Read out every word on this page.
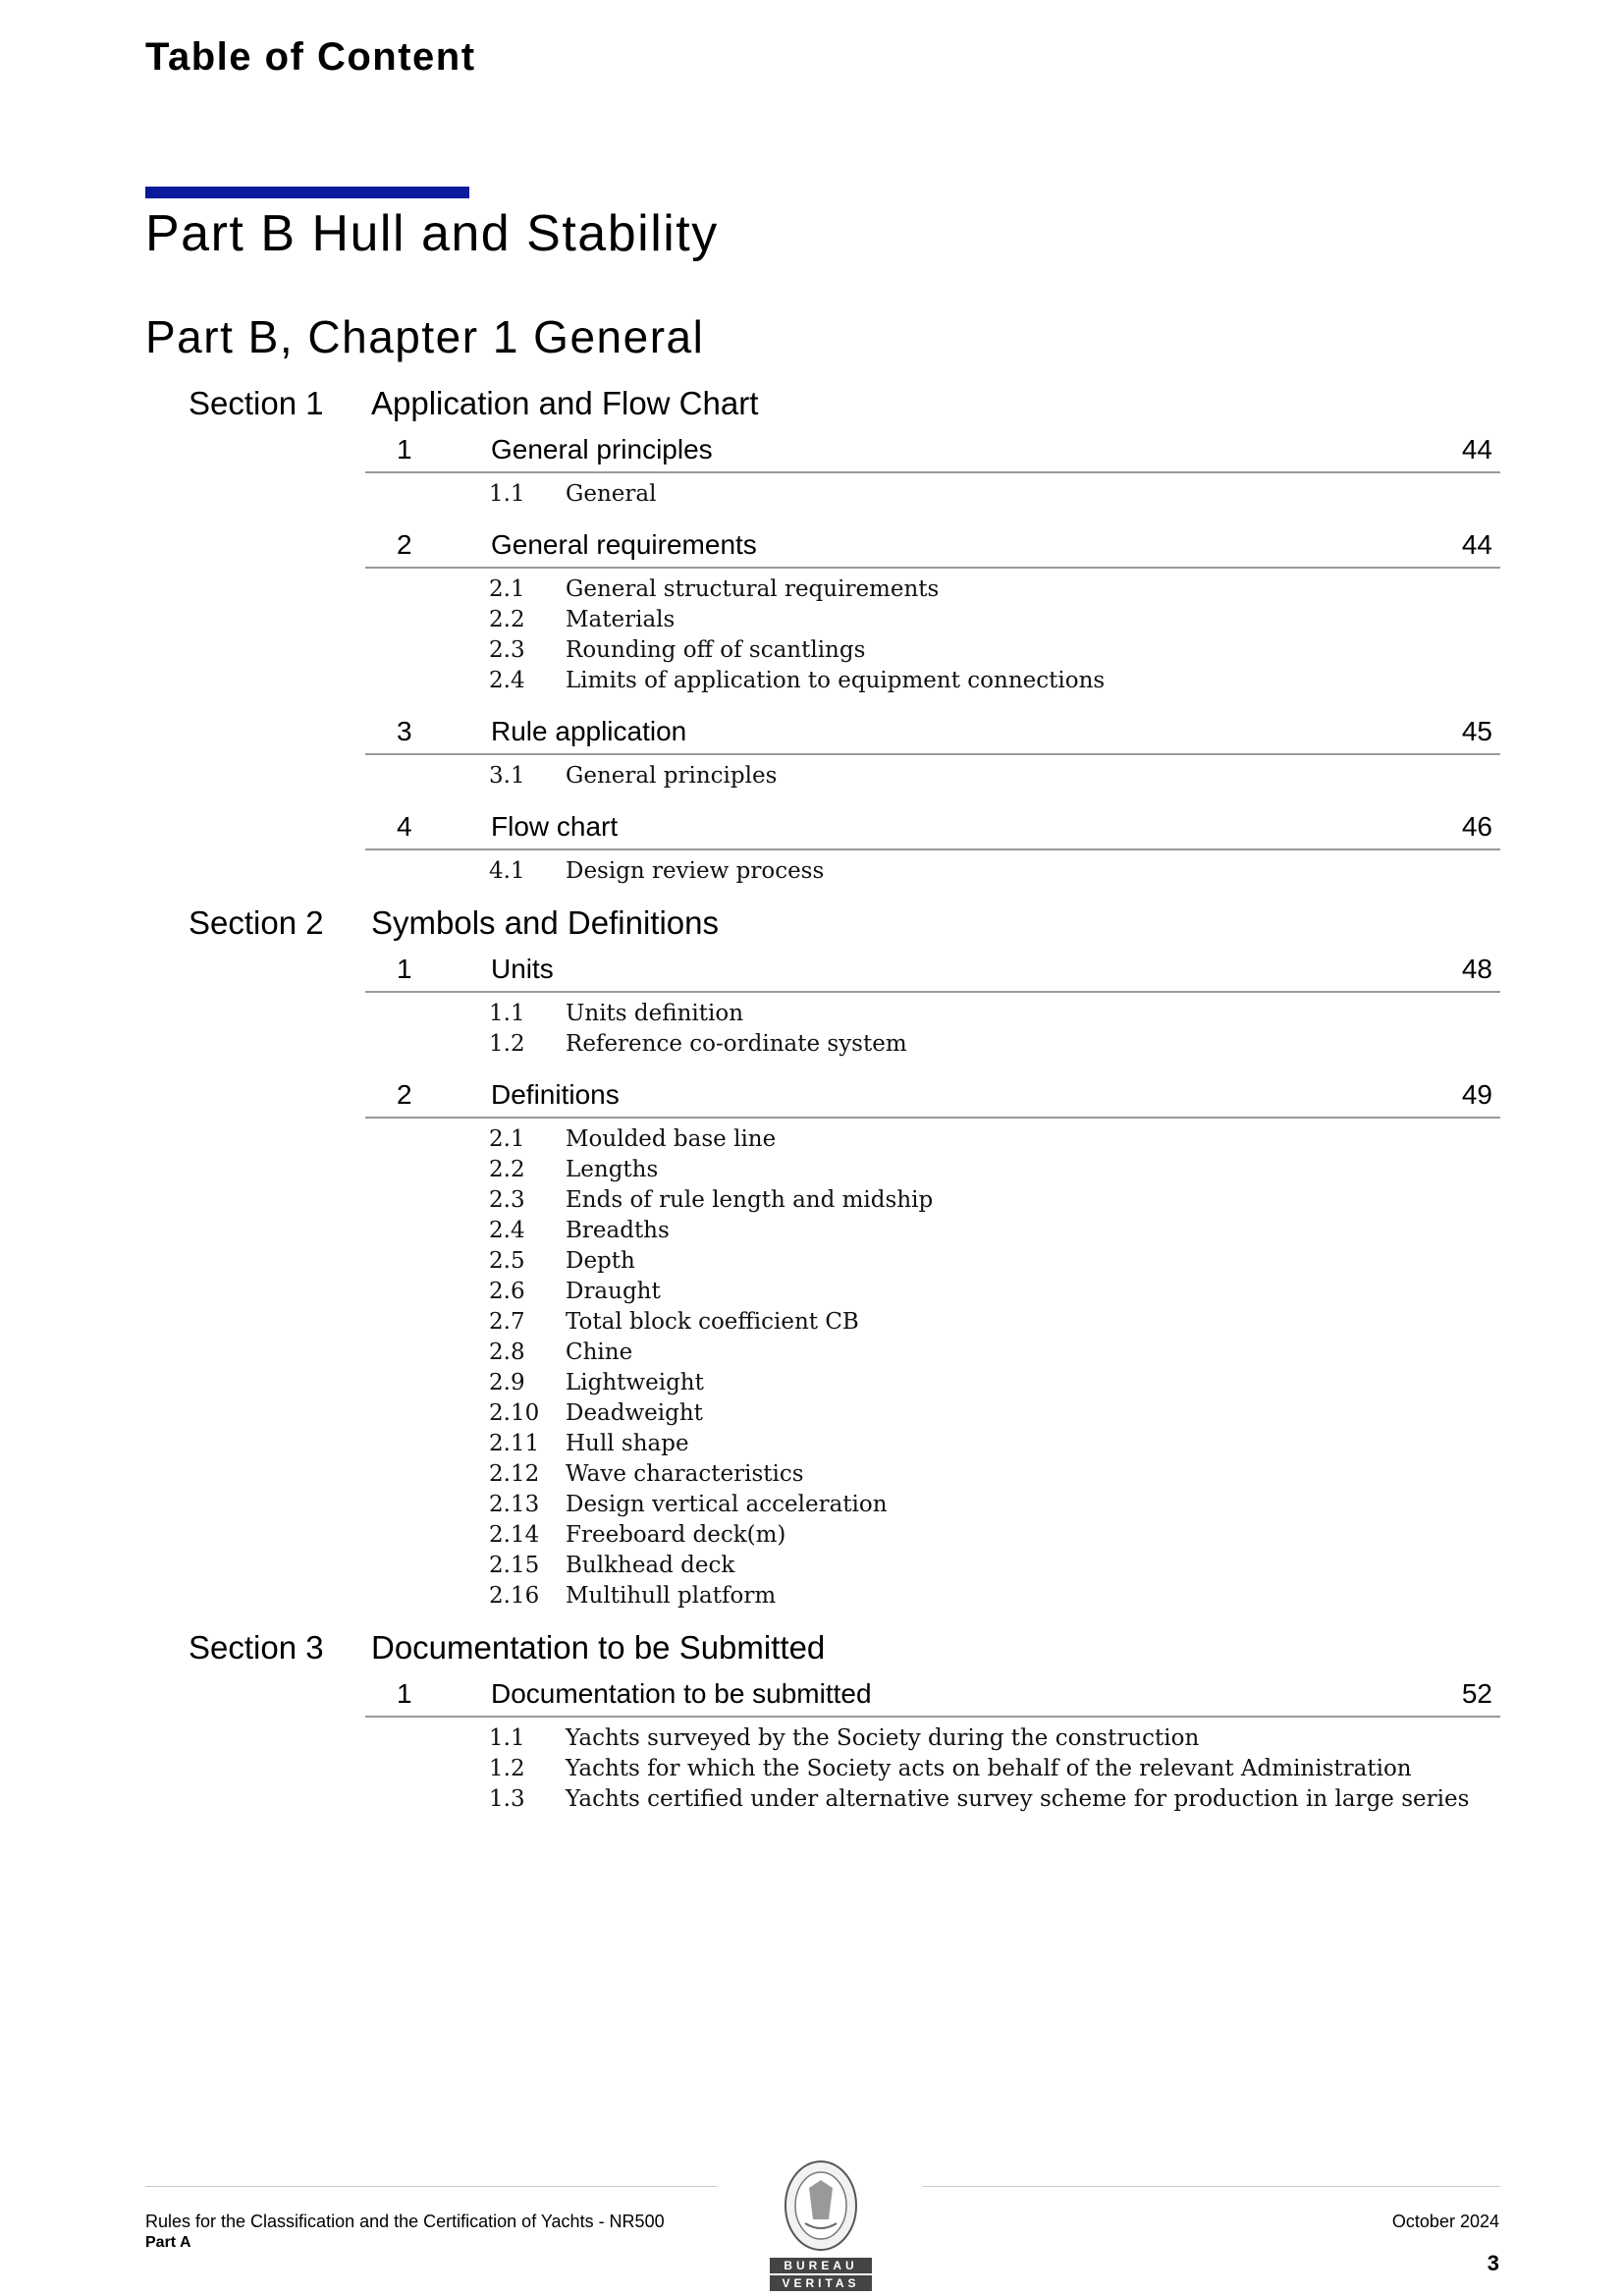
Table of Content
Part B Hull and Stability
Part B, Chapter 1 General
Section 1 Application and Flow Chart
1	General principles	44
1.1 General
2	General requirements	44
2.1 General structural requirements
2.2 Materials
2.3 Rounding off of scantlings
2.4 Limits of application to equipment connections
3	Rule application	45
3.1 General principles
4	Flow chart	46
4.1 Design review process
Section 2 Symbols and Definitions
1	Units	48
1.1 Units definition
1.2 Reference co-ordinate system
2	Definitions	49
2.1 Moulded base line
2.2 Lengths
2.3 Ends of rule length and midship
2.4 Breadths
2.5 Depth
2.6 Draught
2.7 Total block coefficient CB
2.8 Chine
2.9 Lightweight
2.10 Deadweight
2.11 Hull shape
2.12 Wave characteristics
2.13 Design vertical acceleration
2.14 Freeboard deck(m)
2.15 Bulkhead deck
2.16 Multihull platform
Section 3 Documentation to be Submitted
1	Documentation to be submitted	52
1.1 Yachts surveyed by the Society during the construction
1.2 Yachts for which the Society acts on behalf of the relevant Administration
1.3 Yachts certified under alternative survey scheme for production in large series
Rules for the Classification and the Certification of Yachts - NR500
Part A
October 2024
3
BUREAU
VERITAS
